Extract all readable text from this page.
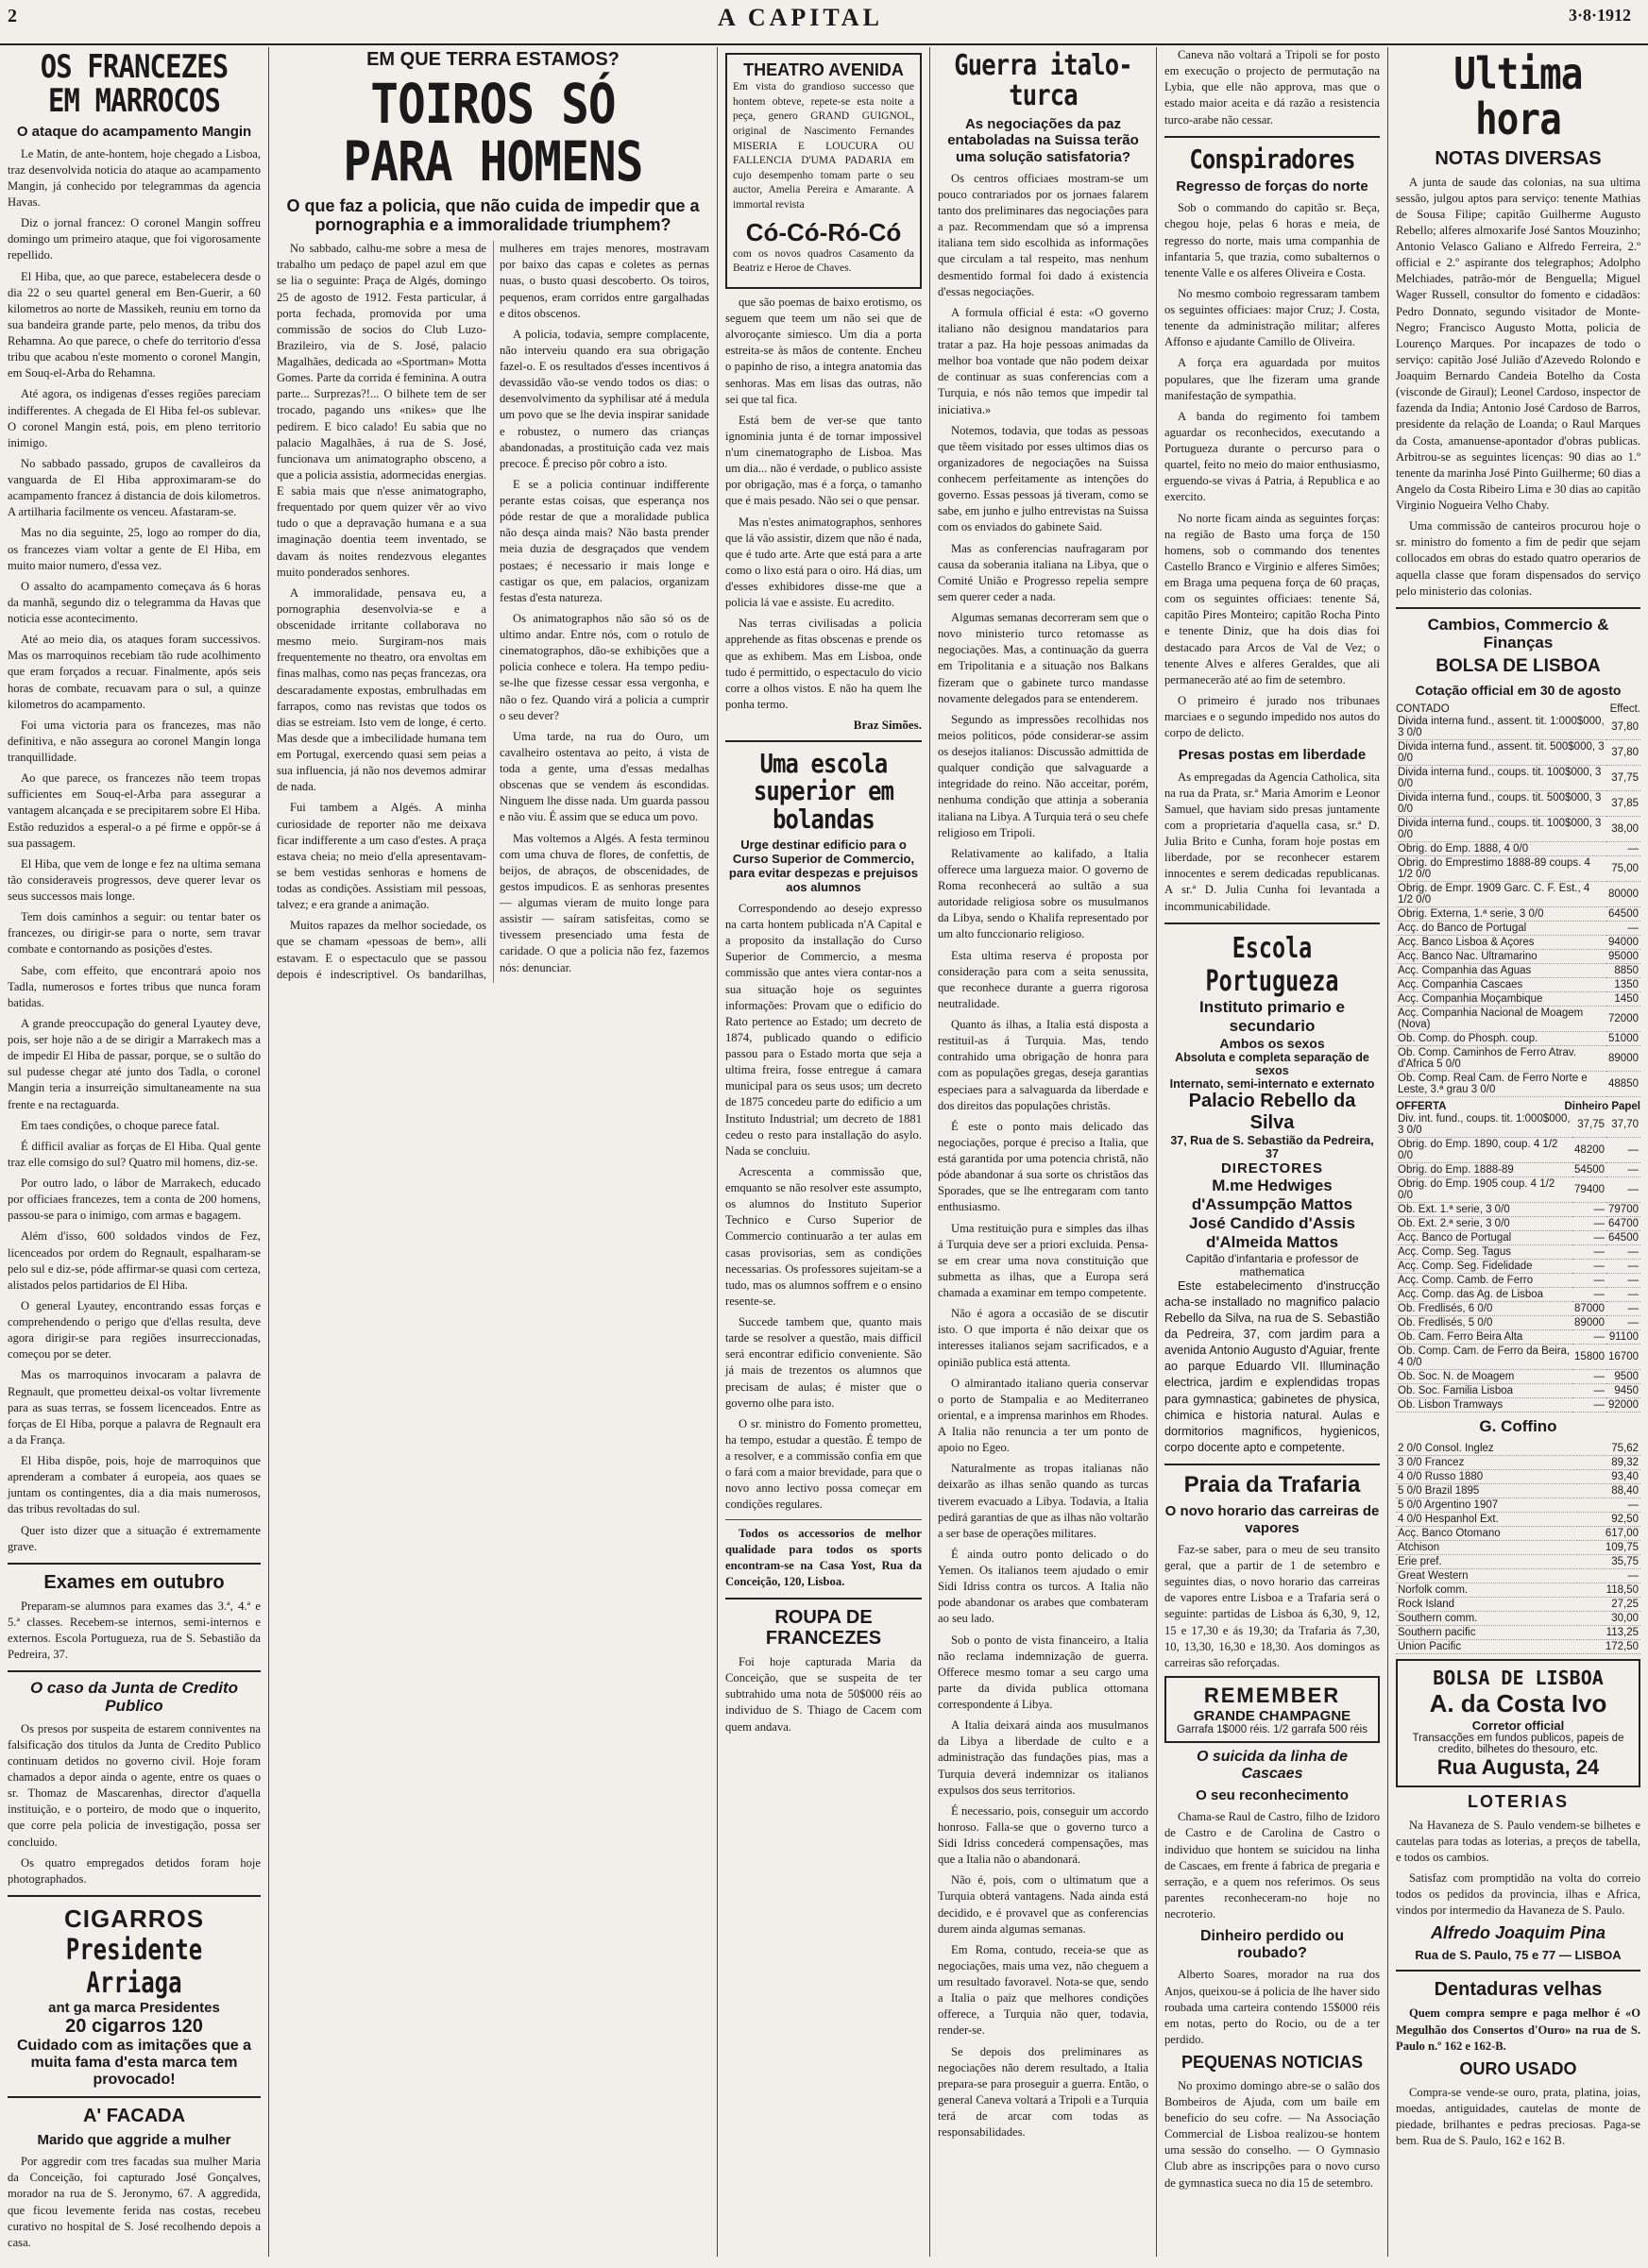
2	A CAPITAL	3·8·1912
OS FRANCEZES EM MARROCOS
O ataque do acampamento Mangin

Le Matin, de ante-hontem, hoje chegado a Lisboa, traz desenvolvida noticia do ataque ao acampamento Mangin, já conhecido por telegrammas da agencia Havas.

Diz o jornal francez: O coronel Mangin soffreu domingo um primeiro ataque, que foi vigorosamente repellido.

El Hiba, que, ao que parece, estabelecera desde o dia 22 o seu quartel general em Ben-Guerir, a 60 kilometros ao norte de Massikeh, reuniu em torno da sua bandeira grande parte, pelo menos, da tribu dos Rehamna. Ao que parece, o chefe do territorio d'essa tribu que acabou n'este momento o coronel Mangin, em Souq-el-Arba do Rehamna.

Até agora, os indigenas d'esses regiões pareciam indifferentes. A chegada de El Hiba fel-os sublevar. O coronel Mangin está, pois, em pleno territorio inimigo.

No sabbado passado, grupos de cavalleiros da vanguarda de El Hiba approximaram-se do acampamento francez á distancia de dois kilometros. A artilharia facilmente os venceu. Afastaram-se.

Mas no dia seguinte, 25, logo ao romper do dia, os francezes viam voltar a gente de El Hiba, em muito maior numero, d'essa vez.

O assalto do acampamento começava ás 6 horas da manhã, segundo diz o telegramma da Havas que noticia esse acontecimento.

Até ao meio dia, os ataques foram successivos. Mas os marroquinos recebiam tão rude acolhimento que eram forçados a recuar. Finalmente, após seis horas de combate, recuavam para o sul, a quinze kilometros do acampamento.

Foi uma victoria para os francezes, mas não definitiva, e não assegura ao coronel Mangin longa tranquillidade.

Ao que parece, os francezes não teem tropas sufficientes em Souq-el-Arba para assegurar a vantagem alcançada e se precipitarem sobre El Hiba. Estão reduzidos a esperal-o a pé firme e oppôr-se á sua passagem.

El Hiba, que vem de longe e fez na ultima semana tão consideraveis progressos, deve querer levar os seus successos mais longe.

Tem dois caminhos a seguir: ou tentar bater os francezes, ou dirigir-se para o norte, sem travar combate e contornando as posições d'estes.

Sabe, com effeito, que encontrará apoio nos Tadla, numerosos e fortes tribus que nunca foram batidas.

A grande preoccupação do general Lyautey deve, pois, ser hoje não a de se dirigir a Marrakech mas a de impedir El Hiba de passar, porque, se o sultão do sul pudesse chegar até junto dos Tadla, o coronel Mangin teria a insurreição simultaneamente na sua frente e na rectaguarda.

Em taes condições, o choque parece fatal.

É difficil avaliar as forças de El Hiba. Qual gente traz elle comsigo do sul? Quatro mil homens, diz-se.

Por outro lado, o lábor de Marrakech, educado por officiaes francezes, tem a conta de 200 homens, passou-se para o inimigo, com armas e bagagem.

Além d'isso, 600 soldados vindos de Fez, licenceados por ordem do Regnault, espalharam-se pelo sul e diz-se, póde affirmar-se quasi com certeza, alistados pelos partidarios de El Hiba.

O general Lyautey, encontrando essas forças e comprehendendo o perigo que d'ellas resulta, deve agora dirigir-se para regiões insurreccionadas, começou por se deter.

Mas os marroquinos invocaram a palavra de Regnault, que prometteu deixal-os voltar livremente para as suas terras, se fossem licenceados. Entre as forças de El Hiba, porque a palavra de Regnault era a da França.

El Hiba dispõe, pois, hoje de marroquinos que aprenderam a combater á europeia, aos quaes se juntam os contingentes, dia a dia mais numerosos, das tribus revoltadas do sul.

Quer isto dizer que a situação é extremamente grave.

Exames em outubro

Preparam-se alumnos para exames das 3.ª, 4.ª e 5.ª classes. Recebem-se internos, semi-internos e externos. Escola Portugueza, rua de S. Sebastião da Pedreira, 37.

O caso da Junta de Credito Publico

Os presos por suspeita de estarem conniventes na falsificação dos titulos da Junta de Credito Publico continuam detidos no governo civil. Hoje foram chamados a depor ainda o agente, entre os quaes o sr. Thomaz de Mascarenhas, director d'aquella instituição, e o porteiro, de modo que o inquerito, que corre pela policia de investigação, possa ser concluido.

Os quatro empregados detidos foram hoje photographados.

CIGARROS
Presidente Arriaga
ant ga marca Presidentes
20 cigarros 120
Cuidado com as imitações que a muita fama d'esta marca tem provocado!
A' FACADA
Marido que aggride a mulher

Por aggredir com tres facadas sua mulher Maria da Conceição, foi capturado José Gonçalves, morador na rua de S. Jeronymo, 67. A aggredida, que ficou levemente ferida nas costas, recebeu curativo no hospital de S. José recolhendo depois a casa.

EM QUE TERRA ESTAMOS?
TOIROS SÓ PARA HOMENS
O que faz a policia, que não cuida de impedir que a pornographia e a immoralidade triumphem?

No sabbado, calhu-me sobre a mesa de trabalho um pedaço de papel azul em que se lia o seguinte: Praça de Algés, domingo 25 de agosto de 1912. Festa particular, á porta fechada, promovida por uma commissão de socios do Club Luzo-Brazileiro, via de S. José, palacio Magalhães, dedicada ao «Sportman» Motta Gomes. Parte da corrida é feminina. A outra parte... Surprezas?!... O bilhete tem de ser trocado, pagando uns «nikes» que lhe pedirem. E bico calado! Eu sabia que no palacio Magalhães, á rua de S. José, funcionava um animatographo obsceno, a que a policia assistia, adormecidas energias. E sabia mais que n'esse animatographo, frequentado por quem quizer vêr ao vivo tudo o que a depravação humana e a sua imaginação doentia teem inventado, se davam ás noites rendezvous elegantes muito ponderados senhores.

A immoralidade, pensava eu, a pornographia desenvolvia-se e a obscenidade irritante collaborava no mesmo meio. Surgiram-nos mais frequentemente no theatro, ora envoltas em finas malhas, como nas peças francezas, ora descaradamente expostas, embrulhadas em farrapos, como nas revistas que todos os dias se estreiam. Isto vem de longe, é certo. Mas desde que a imbecilidade humana tem em Portugal, exercendo quasi sem peias a sua influencia, já não nos devemos admirar de nada.

Fui tambem a Algés. A minha curiosidade de reporter não me deixava ficar indifferente a um caso d'estes. A praça estava cheia; no meio d'ella apresentavam-se bem vestidas senhoras e homens de todas as condições. Assistiam mil pessoas, talvez; e era grande a animação.

Muitos rapazes da melhor sociedade, os que se chamam «pessoas de bem», alli estavam. E o espectaculo que se passou depois é indescriptivel. Os bandarilhas, mulheres em trajes menores, mostravam por baixo das capas e coletes as pernas nuas, o busto quasi descoberto. Os toiros, pequenos, eram corridos entre gargalhadas e ditos obscenos.

A policia, todavia, sempre complacente, não interveiu quando era sua obrigação fazel-o. E os resultados d'esses incentivos á devassidão vão-se vendo todos os dias: o desenvolvimento da syphilisar até á medula um povo que se lhe devia inspirar sanidade e robustez, o numero das crianças abandonadas, a prostituição cada vez mais precoce. É preciso pôr cobro a isto.

E se a policia continuar indifferente perante estas coisas, que esperança nos póde restar de que a moralidade publica não desça ainda mais? Não basta prender meia duzia de desgraçados que vendem postaes; é necessario ir mais longe e castigar os que, em palacios, organizam festas d'esta natureza.

Os animatographos não são só os de ultimo andar. Entre nós, com o rotulo de cinematographos, dão-se exhibições que a policia conhece e tolera. Ha tempo pediu-se-lhe que fizesse cessar essa vergonha, e não o fez. Quando virá a policia a cumprir o seu dever?

Uma tarde, na rua do Ouro, um cavalheiro ostentava ao peito, á vista de toda a gente, uma d'essas medalhas obscenas que se vendem ás escondidas. Ninguem lhe disse nada. Um guarda passou e não viu. É assim que se educa um povo.

Mas voltemos a Algés. A festa terminou com uma chuva de flores, de confettis, de beijos, de abraços, de obscenidades, de gestos impudicos. E as senhoras presentes — algumas vieram de muito longe para assistir — saíram satisfeitas, como se tivessem presenciado uma festa de caridade. O que a policia não fez, fazemos nós: denunciar.

THEATRO AVENIDA

Em vista do grandioso successo que hontem obteve, repete-se esta noite a peça, genero GRAND GUIGNOL, original de Nascimento Fernandes MISERIA E LOUCURA OU FALLENCIA D'UMA PADARIA em cujo desempenho tomam parte o seu auctor, Amelia Pereira e Amarante. A immortal revista

Có-Có-Ró-Có

com os novos quadros Casamento da Beatriz e Heroe de Chaves.

que são poemas de baixo erotismo, os seguem que teem um não sei que de alvoroçante simiesco. Um dia a porta estreita-se às mãos de contente. Encheu o papinho de riso, a integra anatomia das senhoras. Mas em lisas das outras, não sei que tal fica.

Está bem de ver-se que tanto ignominia junta é de tornar impossivel n'um cinematographo de Lisboa. Mas um dia... não é verdade, o publico assiste por obrigação, mas é a força, o tamanho que é mais pesado. Não sei o que pensar.

Mas n'estes animatographos, senhores que lá vão assistir, dizem que não é nada, que é tudo arte. Arte que está para a arte como o lixo está para o oiro. Há dias, um d'esses exhibidores disse-me que a policia lá vae e assiste. Eu acredito.

Nas terras civilisadas a policia apprehende as fitas obscenas e prende os que as exhibem. Mas em Lisboa, onde tudo é permittido, o espectaculo do vicio corre a olhos vistos. E não ha quem lhe ponha termo.

Braz Simões.
Uma escola superior em bolandas
Urge destinar edificio para o Curso Superior de Commercio, para evitar despezas e prejuisos aos alumnos

Correspondendo ao desejo expresso na carta hontem publicada n'A Capital e a proposito da installação do Curso Superior de Commercio, a mesma commissão que antes viera contar-nos a sua situação hoje os seguintes informações: Provam que o edificio do Rato pertence ao Estado; um decreto de 1874, publicado quando o edificio passou para o Estado morta que seja a ultima freira, fosse entregue á camara municipal para os seus usos; um decreto de 1875 concedeu parte do edificio a um Instituto Industrial; um decreto de 1881 cedeu o resto para installação do asylo. Nada se concluiu.

Acrescenta a commissão que, emquanto se não resolver este assumpto, os alumnos do Instituto Superior Technico e Curso Superior de Commercio continuarão a ter aulas em casas provisorias, sem as condições necessarias. Os professores sujeitam-se a tudo, mas os alumnos soffrem e o ensino resente-se.

Succede tambem que, quanto mais tarde se resolver a questão, mais difficil será encontrar edificio conveniente. São já mais de trezentos os alumnos que precisam de aulas; é mister que o governo olhe para isto.

O sr. ministro do Fomento prometteu, ha tempo, estudar a questão. É tempo de a resolver, e a commissão confia em que o fará com a maior brevidade, para que o novo anno lectivo possa começar em condições regulares.

Todos os accessorios de melhor qualidade para todos os sports encontram-se na Casa Yost, Rua da Conceição, 120, Lisboa.

ROUPA DE FRANCEZES

Foi hoje capturada Maria da Conceição, que se suspeita de ter subtrahido uma nota de 50$000 réis ao individuo de S. Thiago de Cacem com quem andava.

Guerra italo-turca
As negociações da paz entaboladas na Suissa terão uma solução satisfatoria?

Os centros officiaes mostram-se um pouco contrariados por os jornaes falarem tanto dos preliminares das negociações para a paz. Recommendam que só a imprensa italiana tem sido escolhida as informações que circulam a tal respeito, mas nenhum desmentido formal foi dado á existencia d'essas negociações.

A formula official é esta: «O governo italiano não designou mandatarios para tratar a paz. Ha hoje pessoas animadas da melhor boa vontade que não podem deixar de continuar as suas conferencias com a Turquia, e nós não temos que impedir tal iniciativa.»

Notemos, todavia, que todas as pessoas que têem visitado por esses ultimos dias os organizadores de negociações na Suissa conhecem perfeitamente as intenções do governo. Essas pessoas já tiveram, como se sabe, em junho e julho entrevistas na Suissa com os enviados do gabinete Said.

Mas as conferencias naufragaram por causa da soberania italiana na Libya, que o Comité União e Progresso repelia sempre sem querer ceder a nada.

Algumas semanas decorreram sem que o novo ministerio turco retomasse as negociações. Mas, a continuação da guerra em Tripolitania e a situação nos Balkans fizeram que o gabinete turco mandasse novamente delegados para se entenderem.

Segundo as impressões recolhidas nos meios politicos, póde considerar-se assim os desejos italianos: Discussão admittida de qualquer condição que salvaguarde a integridade do reino. Não acceitar, porém, nenhuma condição que attinja a soberania italiana na Libya. A Turquia terá o seu chefe religioso em Tripoli.

Relativamente ao kalifado, a Italia offerece uma largueza maior. O governo de Roma reconhecerá ao sultão a sua autoridade religiosa sobre os musulmanos da Libya, sendo o Khalifa representado por um alto funccionario religioso.

Esta ultima reserva é proposta por consideração para com a seita senussita, que reconhece durante a guerra rigorosa neutralidade.

Quanto ás ilhas, a Italia está disposta a restituil-as á Turquia. Mas, tendo contrahido uma obrigação de honra para com as populações gregas, deseja garantias especiaes para a salvaguarda da liberdade e dos direitos das populações christãs.

É este o ponto mais delicado das negociações, porque é preciso a Italia, que está garantida por uma potencia christã, não póde abandonar á sua sorte os christãos das Sporades, que se lhe entregaram com tanto enthusiasmo.

Uma restituição pura e simples das ilhas á Turquia deve ser a priori excluida. Pensa-se em crear uma nova constituição que submetta as ilhas, que a Europa será chamada a examinar em tempo competente.

Não é agora a occasião de se discutir isto. O que importa é não deixar que os interesses italianos sejam sacrificados, e a opinião publica está attenta.

O almirantado italiano queria conservar o porto de Stampalia e ao Mediterraneo oriental, e a imprensa marinhos em Rhodes. A Italia não renuncia a ter um ponto de apoio no Egeo.

Naturalmente as tropas italianas não deixarão as ilhas senão quando as turcas tiverem evacuado a Libya. Todavia, a Italia pedirá garantias de que as ilhas não voltarão a ser base de operações militares.

É ainda outro ponto delicado o do Yemen. Os italianos teem ajudado o emir Sidi Idriss contra os turcos. A Italia não pode abandonar os arabes que combateram ao seu lado.

Sob o ponto de vista financeiro, a Italia não reclama indemnização de guerra. Offerece mesmo tomar a seu cargo uma parte da divida publica ottomana correspondente á Libya.

A Italia deixará ainda aos musulmanos da Libya a liberdade de culto e a administração das fundações pias, mas a Turquia deverá indemnizar os italianos expulsos dos seus territorios.

É necessario, pois, conseguir um accordo honroso. Falla-se que o governo turco a Sidi Idriss concederá compensações, mas que a Italia não o abandonará.

Não é, pois, com o ultimatum que a Turquia obterá vantagens. Nada ainda está decidido, e é provavel que as conferencias durem ainda algumas semanas.

Em Roma, contudo, receia-se que as negociações, mais uma vez, não cheguem a um resultado favoravel. Nota-se que, sendo a Italia o paiz que melhores condições offerece, a Turquia não quer, todavia, render-se.

Se depois dos preliminares as negociações não derem resultado, a Italia prepara-se para proseguir a guerra. Então, o general Caneva voltará a Tripoli e a Turquia terá de arcar com todas as responsabilidades.

Caneva não voltará a Tripoli se for posto em execução o projecto de permutação na Lybia, que elle não approva, mas que o estado maior aceita e dá razão a resistencia turco-arabe não cessar.

Conspiradores
Regresso de forças do norte

Sob o commando do capitão sr. Beça, chegou hoje, pelas 6 horas e meia, de regresso do norte, mais uma companhia de infantaria 5, que trazia, como subalternos o tenente Valle e os alferes Oliveira e Costa.

No mesmo comboio regressaram tambem os seguintes officiaes: major Cruz; J. Costa, tenente da administração militar; alferes Affonso e ajudante Camillo de Oliveira.

A força era aguardada por muitos populares, que lhe fizeram uma grande manifestação de sympathia.

A banda do regimento foi tambem aguardar os reconhecidos, executando a Portugueza durante o percurso para o quartel, feito no meio do maior enthusiasmo, erguendo-se vivas á Patria, á Republica e ao exercito.

No norte ficam ainda as seguintes forças: na região de Basto uma força de 150 homens, sob o commando dos tenentes Castello Branco e Virginio e alferes Simões; em Braga uma pequena força de 60 praças, com os seguintes officiaes: tenente Sá, capitão Pires Monteiro; capitão Rocha Pinto e tenente Diniz, que ha dois dias foi destacado para Arcos de Val de Vez; o tenente Alves e alferes Geraldes, que ali permanecerão até ao fim de setembro.

O primeiro é jurado nos tribunaes marciaes e o segundo impedido nos autos do corpo de delicto.

Presas postas em liberdade

As empregadas da Agencia Catholica, sita na rua da Prata, sr.ª Maria Amorim e Leonor Samuel, que haviam sido presas juntamente com a proprietaria d'aquella casa, sr.ª D. Julia Brito e Cunha, foram hoje postas em liberdade, por se reconhecer estarem innocentes e serem dedicadas republicanas. A sr.ª D. Julia Cunha foi levantada a incommunicabilidade.

Escola Portugueza
Instituto primario e secundario
Ambos os sexos
Absoluta e completa separação de sexos
Internato, semi-internato e externato
Palacio Rebello da Silva
37, Rua de S. Sebastião da Pedreira, 37
DIRECTORES
M.me Hedwiges d'Assumpção Mattos
José Candido d'Assis d'Almeida Mattos
Capitão d'infantaria e professor de mathematica

Este estabelecimento d'instrucção acha-se installado no magnifico palacio Rebello da Silva, na rua de S. Sebastião da Pedreira, 37, com jardim para a avenida Antonio Augusto d'Aguiar, frente ao parque Eduardo VII. Illuminação electrica, jardim e explendidas tropas para gymnastica; gabinetes de physica, chimica e historia natural. Aulas e dormitorios magnificos, hygienicos, corpo docente apto e competente.

Praia da Trafaria
O novo horario das carreiras de vapores

Faz-se saber, para o meu de seu transito geral, que a partir de 1 de setembro e seguintes dias, o novo horario das carreiras de vapores entre Lisboa e a Trafaria será o seguinte: partidas de Lisboa ás 6,30, 9, 12, 15 e 17,30 e ás 19,30; da Trafaria ás 7,30, 10, 13,30, 16,30 e 18,30. Aos domingos as carreiras são reforçadas.

REMEMBER
GRANDE CHAMPAGNE
Garrafa 1$000 réis. 1/2 garrafa 500 réis
O suicida da linha de Cascaes
O seu reconhecimento

Chama-se Raul de Castro, filho de Izidoro de Castro e de Carolina de Castro o individuo que hontem se suicidou na linha de Cascaes, em frente á fabrica de pregaria e serração, e a quem nos referimos. Os seus parentes reconheceram-no hoje no necroterio.

Dinheiro perdido ou roubado?

Alberto Soares, morador na rua dos Anjos, queixou-se á policia de lhe haver sido roubada uma carteira contendo 15$000 réis em notas, perto do Rocio, ou de a ter perdido.

PEQUENAS NOTICIAS

No proximo domingo abre-se o salão dos Bombeiros de Ajuda, com um baile em beneficio do seu cofre. — Na Associação Commercial de Lisboa realizou-se hontem uma sessão do conselho. — O Gymnasio Club abre as inscripções para o novo curso de gymnastica sueca no dia 15 de setembro.

Ultima hora
NOTAS DIVERSAS

A junta de saude das colonias, na sua ultima sessão, julgou aptos para serviço: tenente Mathias de Sousa Filipe; capitão Guilherme Augusto Rebello; alferes almoxarife José Santos Mouzinho; Antonio Velasco Galiano e Alfredo Ferreira, 2.º official e 2.º aspirante dos telegraphos; Adolpho Melchiades, patrão-mór de Benguella; Miguel Wager Russell, consultor do fomento e cidadãos: Pedro Donnato, segundo visitador de Monte-Negro; Francisco Augusto Motta, policia de Lourenço Marques. Por incapazes de todo o serviço: capitão José Julião d'Azevedo Rolondo e Joaquim Bernardo Candeia Botelho da Costa (visconde de Giraul); Leonel Cardoso, inspector de fazenda da India; Antonio José Cardoso de Barros, presidente da relação de Loanda; o Raul Marques da Costa, amanuense-apontador d'obras publicas. Arbitrou-se as seguintes licenças: 90 dias ao 1.º tenente da marinha José Pinto Guilherme; 60 dias a Angelo da Costa Ribeiro Lima e 30 dias ao capitão Virginio Nogueira Velho Chaby.

Uma commissão de canteiros procurou hoje o sr. ministro do fomento a fim de pedir que sejam collocados em obras do estado quatro operarios de aquella classe que foram dispensados do serviço pelo ministerio das colonias.

Cambios, Commercio & Finanças
BOLSA DE LISBOA
Cotação official em 30 de agosto
CONTADO	Effect.
Divida interna fund., assent. tit. 1:000$000, 3 0/0	37,80
Divida interna fund., assent. tit. 500$000, 3 0/0	37,80
Divida interna fund., coups. tit. 100$000, 3 0/0	37,75
Divida interna fund., coups. tit. 500$000, 3 0/0	37,85
Divida interna fund., coups. tit. 100$000, 3 0/0	38,00
Obrig. do Emp. 1888, 4 0/0	—
Obrig. do Emprestimo 1888-89 coups. 4 1/2 0/0	75,00
Obrig. de Empr. 1909 Garc. C. F. Est., 4 1/2 0/0	80000
Obrig. Externa, 1.ª serie, 3 0/0	64500
Acç. do Banco de Portugal	—
Acç. Banco Lisboa & Açores	94000
Acç. Banco Nac. Ultramarino	95000
Acç. Companhia das Aguas	8850
Acç. Companhia Cascaes	1350
Acç. Companhia Moçambique	1450
Acç. Companhia Nacional de Moagem (Nova)	72000
Ob. Comp. do Phosph. coup.	51000
Ob. Comp. Caminhos de Ferro Atrav. d'Africa 5 0/0	89000
Ob. Comp. Real Cam. de Ferro Norte e Leste, 3.ª grau 3 0/0	48850
OFFERTA	Dinheiro Papel
Div. int. fund., coups. tit. 1:000$000, 3 0/0	37,75	37,70
Obrig. do Emp. 1890, coup. 4 1/2 0/0	48200	—
Obrig. do Emp. 1888-89	54500	—
Obrig. do Emp. 1905 coup. 4 1/2 0/0	79400	—
Ob. Ext. 1.ª serie, 3 0/0	—	79700
Ob. Ext. 2.ª serie, 3 0/0	—	64700
Acç. Banco de Portugal	—	64500
Acç. Comp. Seg. Tagus	—	—
Acç. Comp. Seg. Fidelidade	—	—
Acç. Comp. Camb. de Ferro	—	—
Acç. Comp. das Ag. de Lisboa	—	—
Ob. Fredlisés, 6 0/0	87000	—
Ob. Fredlisés, 5 0/0	89000	—
Ob. Cam. Ferro Beira Alta	—	91100
Ob. Comp. Cam. de Ferro da Beira, 4 0/0	15800	16700
Ob. Soc. N. de Moagem	—	9500
Ob. Soc. Familia Lisboa	—	9450
Ob. Lisbon Tramways	—	92000
G. Coffino
2 0/0 Consol. Inglez	75,62
3 0/0 Francez	89,32
4 0/0 Russo 1880	93,40
5 0/0 Brazil 1895	88,40
5 0/0 Argentino 1907	—
4 0/0 Hespanhol Ext.	92,50
Acç. Banco Otomano	617,00
Atchison	109,75
Erie pref.	35,75
Great Western	—
Norfolk comm.	118,50
Rock Island	27,25
Southern comm.	30,00
Southern pacific	113,25
Union Pacific	172,50
BOLSA DE LISBOA
A. da Costa Ivo
Corretor official
Transacções em fundos publicos, papeis de credito, bilhetes do thesouro, etc.
Rua Augusta, 24
LOTERIAS

Na Havaneza de S. Paulo vendem-se bilhetes e cautelas para todas as loterias, a preços de tabella, e todos os cambios.

Satisfaz com promptidão na volta do correio todos os pedidos da provincia, ilhas e Africa, vindos por intermedio da Havaneza de S. Paulo.

Alfredo Joaquim Pina
Rua de S. Paulo, 75 e 77 — LISBOA
Dentaduras velhas

Quem compra sempre e paga melhor é «O Megulhão dos Consertos d'Ouro» na rua de S. Paulo n.º 162 e 162-B.

OURO USADO

Compra-se vende-se ouro, prata, platina, joias, moedas, antiguidades, cautelas de monte de piedade, brilhantes e pedras preciosas. Paga-se bem. Rua de S. Paulo, 162 e 162 B.
